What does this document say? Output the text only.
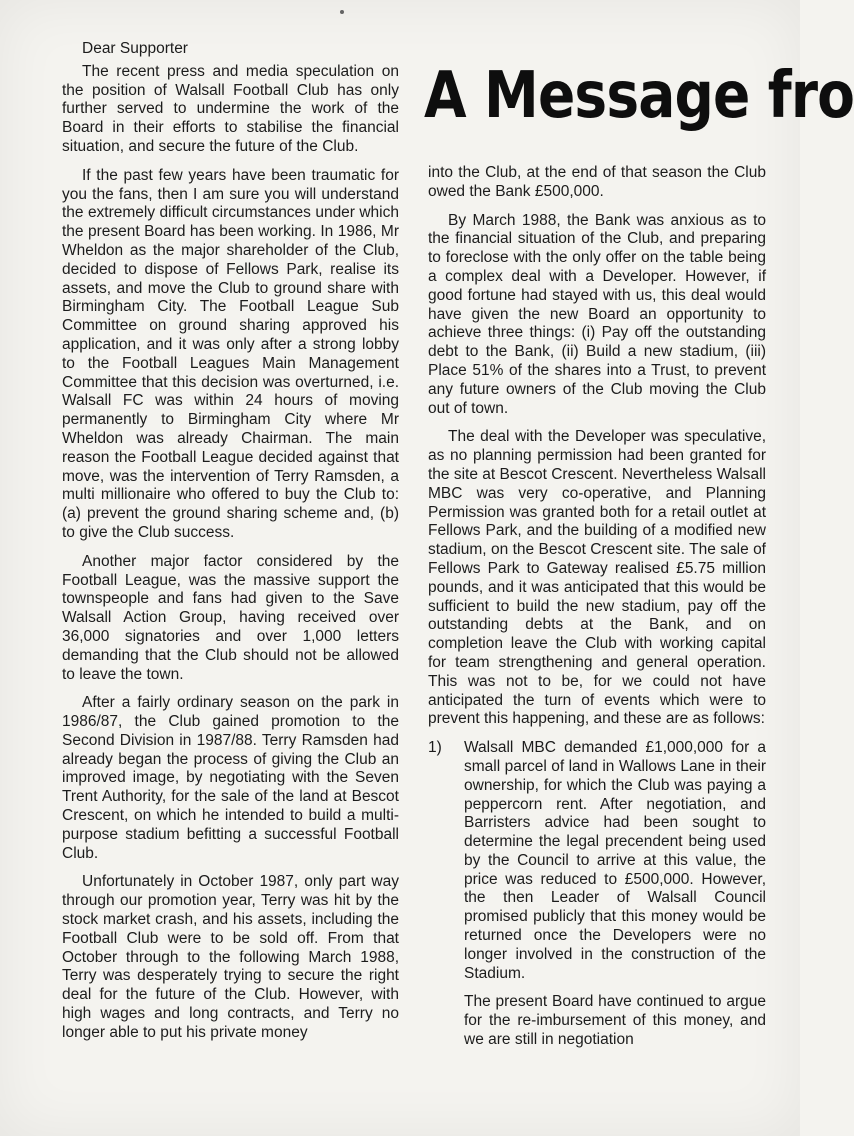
A Message fro
Dear Supporter

The recent press and media speculation on the position of Walsall Football Club has only further served to undermine the work of the Board in their efforts to stabilise the financial situation, and secure the future of the Club.

If the past few years have been traumatic for you the fans, then I am sure you will understand the extremely difficult circumstances under which the present Board has been working. In 1986, Mr Wheldon as the major shareholder of the Club, decided to dispose of Fellows Park, realise its assets, and move the Club to ground share with Birmingham City. The Football League Sub Committee on ground sharing approved his application, and it was only after a strong lobby to the Football Leagues Main Management Committee that this decision was overturned, i.e. Walsall FC was within 24 hours of moving permanently to Birmingham City where Mr Wheldon was already Chairman. The main reason the Football League decided against that move, was the intervention of Terry Ramsden, a multi millionaire who offered to buy the Club to: (a) prevent the ground sharing scheme and, (b) to give the Club success.

Another major factor considered by the Football League, was the massive support the townspeople and fans had given to the Save Walsall Action Group, having received over 36,000 signatories and over 1,000 letters demanding that the Club should not be allowed to leave the town.

After a fairly ordinary season on the park in 1986/87, the Club gained promotion to the Second Division in 1987/88. Terry Ramsden had already began the process of giving the Club an improved image, by negotiating with the Seven Trent Authority, for the sale of the land at Bescot Crescent, on which he intended to build a multi-purpose stadium befitting a successful Football Club.

Unfortunately in October 1987, only part way through our promotion year, Terry was hit by the stock market crash, and his assets, including the Football Club were to be sold off. From that October through to the following March 1988, Terry was desperately trying to secure the right deal for the future of the Club. However, with high wages and long contracts, and Terry no longer able to put his private money

into the Club, at the end of that season the Club owed the Bank £500,000.

By March 1988, the Bank was anxious as to the financial situation of the Club, and preparing to foreclose with the only offer on the table being a complex deal with a Developer. However, if good fortune had stayed with us, this deal would have given the new Board an opportunity to achieve three things: (i) Pay off the outstanding debt to the Bank, (ii) Build a new stadium, (iii) Place 51% of the shares into a Trust, to prevent any future owners of the Club moving the Club out of town.

The deal with the Developer was speculative, as no planning permission had been granted for the site at Bescot Crescent. Nevertheless Walsall MBC was very co-operative, and Planning Permission was granted both for a retail outlet at Fellows Park, and the building of a modified new stadium, on the Bescot Crescent site. The sale of Fellows Park to Gateway realised £5.75 million pounds, and it was anticipated that this would be sufficient to build the new stadium, pay off the outstanding debts at the Bank, and on completion leave the Club with working capital for team strengthening and general operation. This was not to be, for we could not have anticipated the turn of events which were to prevent this happening, and these are as follows:

1)	Walsall MBC demanded £1,000,000 for a small parcel of land in Wallows Lane in their ownership, for which the Club was paying a peppercorn rent. After negotiation, and Barristers advice had been sought to determine the legal precendent being used by the Council to arrive at this value, the price was reduced to £500,000. However, the then Leader of Walsall Council promised publicly that this money would be returned once the Developers were no longer involved in the construction of the Stadium.

The present Board have continued to argue for the re-imbursement of this money, and we are still in negotiation
